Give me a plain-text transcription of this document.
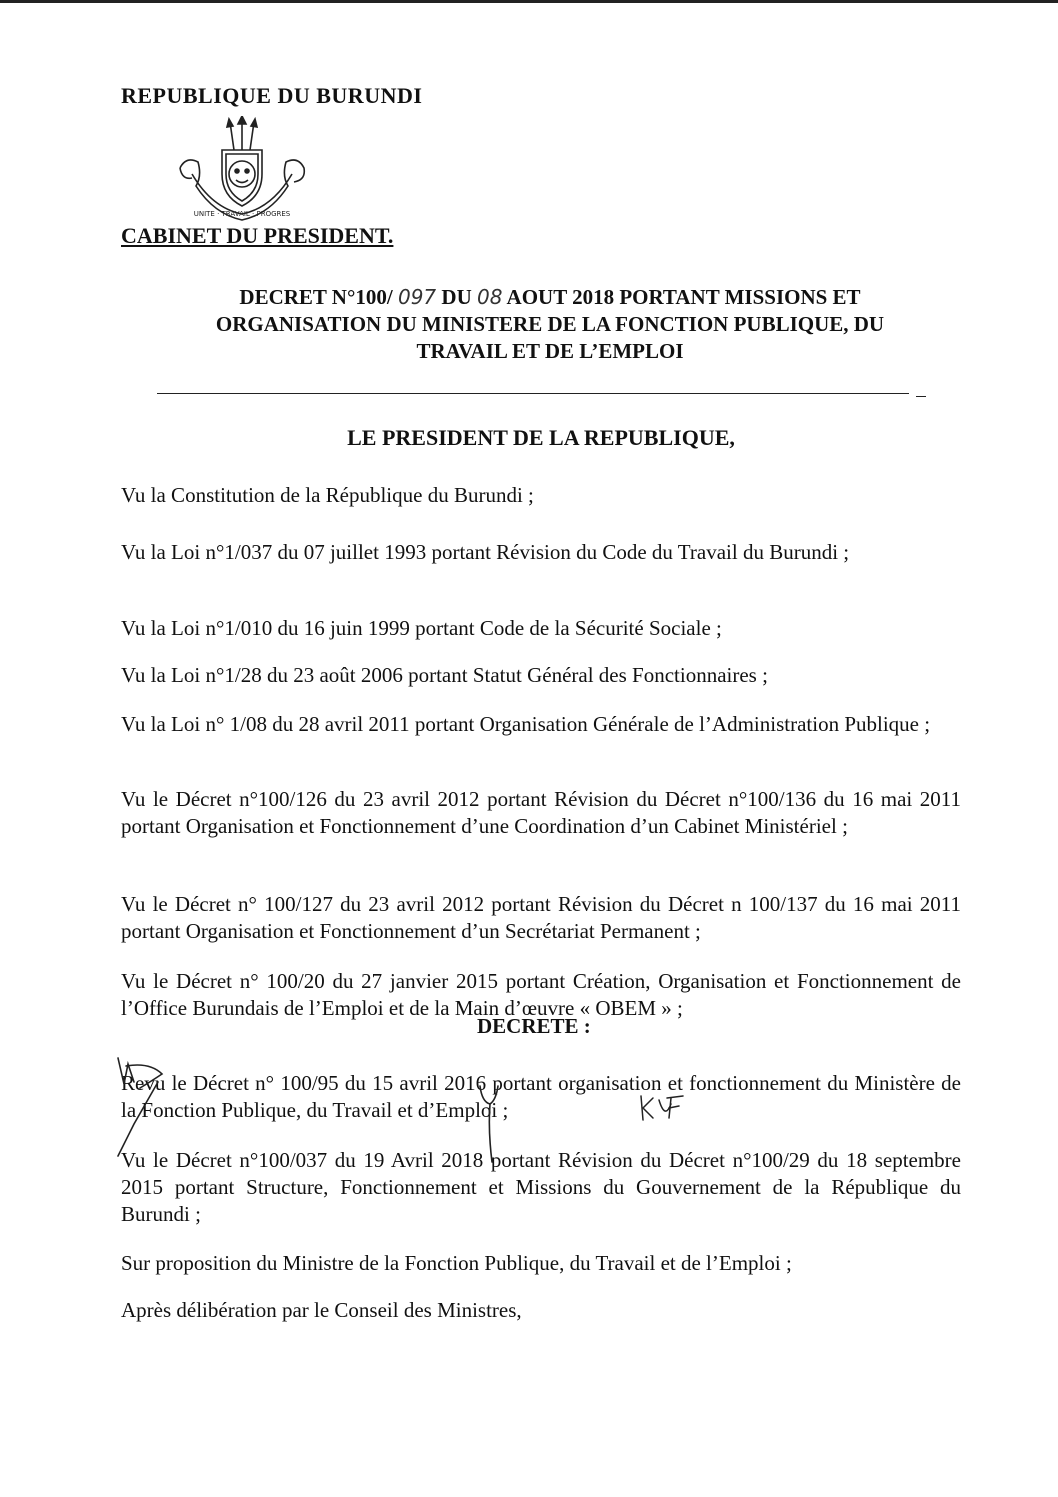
REPUBLIQUE DU BURUNDI
UNITE · TRAVAIL · PROGRES
CABINET DU PRESIDENT.
DECRET N°100/ 097 DU 08 AOUT 2018 PORTANT MISSIONS ET
ORGANISATION DU MINISTERE DE LA FONCTION PUBLIQUE, DU
TRAVAIL ET DE L’EMPLOI
LE PRESIDENT DE LA REPUBLIQUE,
Vu la Constitution de la République du Burundi ;
Vu la Loi n°1/037 du 07 juillet 1993 portant Révision du Code du Travail du Burundi ;
Vu la Loi n°1/010 du 16 juin 1999 portant Code de la Sécurité Sociale ;
Vu la Loi n°1/28 du 23 août 2006 portant Statut Général des Fonctionnaires ;
Vu la Loi n° 1/08 du 28 avril 2011 portant Organisation Générale de l’Administration Publique ;
Vu le Décret n°100/126 du 23 avril 2012 portant Révision du Décret n°100/136 du 16 mai 2011 portant Organisation et Fonctionnement d’une Coordination d’un Cabinet Ministériel ;
Vu le Décret n° 100/127 du 23 avril 2012 portant Révision du Décret n 100/137 du 16 mai 2011 portant Organisation et Fonctionnement d’un Secrétariat Permanent ;
Vu le Décret n° 100/20 du 27 janvier 2015 portant Création, Organisation et Fonctionnement de l’Office Burundais de l’Emploi et de la Main d’œuvre « OBEM » ;
Revu le Décret n° 100/95 du 15 avril 2016 portant organisation et fonctionnement du Ministère de la Fonction Publique, du Travail et d’Emploi ;
Vu le Décret n°100/037 du 19 Avril 2018 portant Révision du Décret n°100/29 du 18 septembre 2015 portant Structure, Fonctionnement et Missions du Gouvernement de la République du Burundi ;
Sur proposition du Ministre de la Fonction Publique, du Travail et de l’Emploi ;
Après délibération par le Conseil des Ministres,
DECRETE :
